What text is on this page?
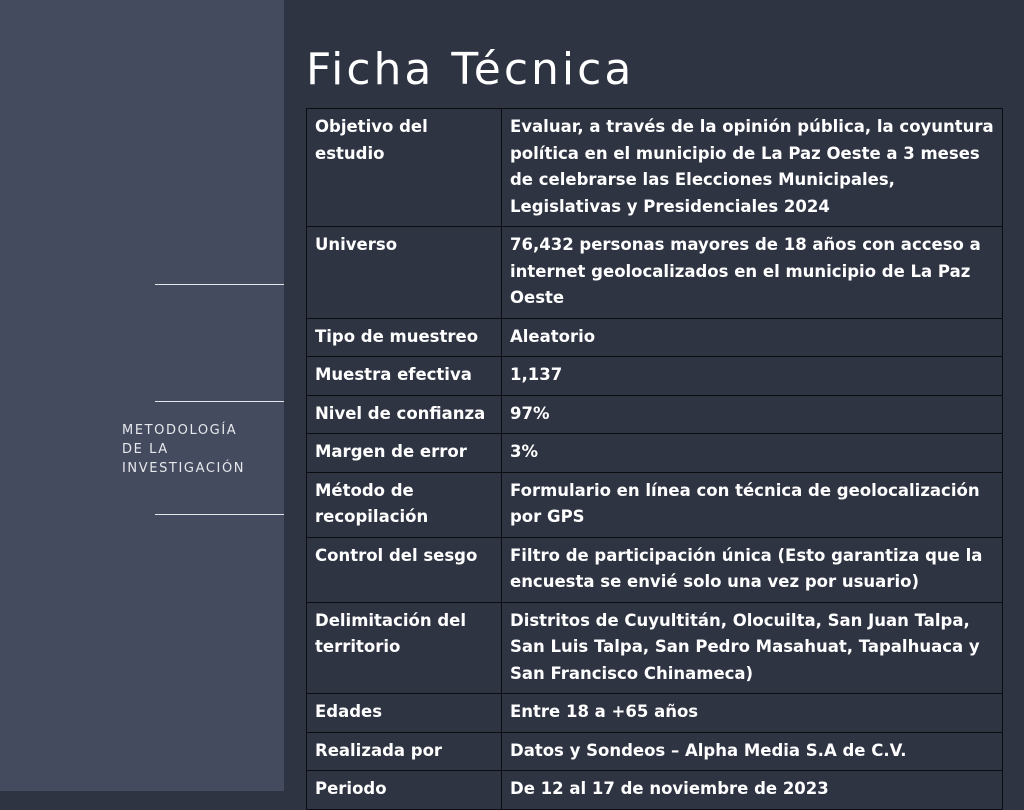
METODOLOGÍA
DE LA
INVESTIGACIÓN
Ficha Técnica
Objetivo del estudio	Evaluar, a través de la opinión pública, la coyuntura política en el municipio de La Paz Oeste a 3 meses de celebrarse las Elecciones Municipales, Legislativas y Presidenciales 2024
Universo	76,432 personas mayores de 18 años con acceso a internet geolocalizados en el municipio de La Paz Oeste
Tipo de muestreo	Aleatorio
Muestra efectiva	1,137
Nivel de confianza	97%
Margen de error	3%
Método de recopilación	Formulario en línea con técnica de geolocalización por GPS
Control del sesgo	Filtro de participación única (Esto garantiza que la encuesta se envié solo una vez por usuario)
Delimitación del territorio	Distritos de Cuyultitán, Olocuilta, San Juan Talpa, San Luis Talpa, San Pedro Masahuat, Tapalhuaca y San Francisco Chinameca)
Edades	Entre 18 a +65 años
Realizada por	Datos y Sondeos – Alpha Media S.A de C.V.
Periodo	De 12 al 17 de noviembre de 2023
